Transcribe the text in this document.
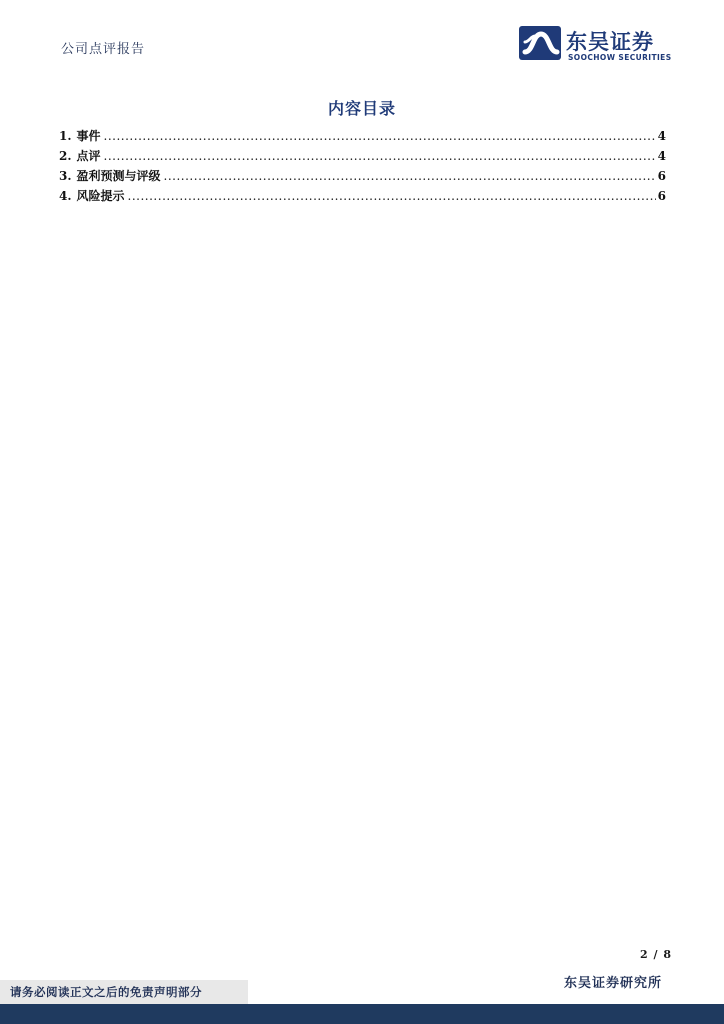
公司点评报告	东吴证券
SOOCHOW SECURITIES
内容目录
1. 事件 .....	4
2. 点评 .....	4
3. 盈利预测与评级 .....	6
4. 风险提示 .....	6
2 / 8
东吴证券研究所
请务必阅读正文之后的免责声明部分
